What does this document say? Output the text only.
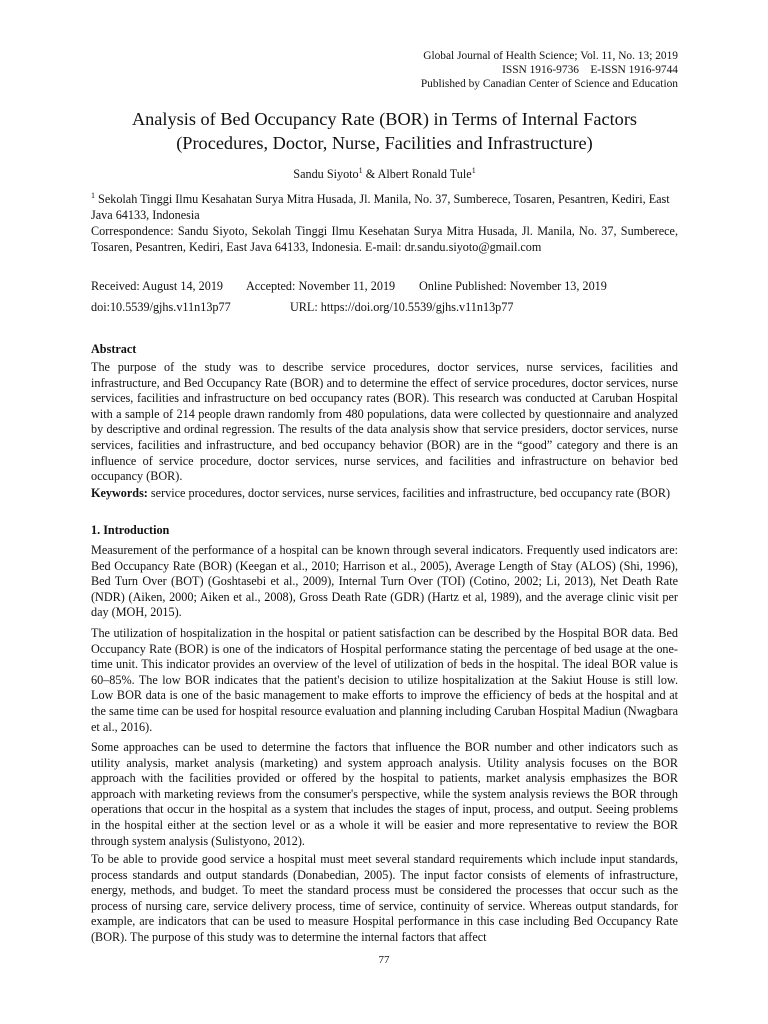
Global Journal of Health Science; Vol. 11, No. 13; 2019
ISSN 1916-9736    E-ISSN 1916-9744
Published by Canadian Center of Science and Education
Analysis of Bed Occupancy Rate (BOR) in Terms of Internal Factors
(Procedures, Doctor, Nurse, Facilities and Infrastructure)
Sandu Siyoto$^1$ & Albert Ronald Tule$^1$
$^1$ Sekolah Tinggi Ilmu Kesahatan Surya Mitra Husada, Jl. Manila, No. 37, Sumberece, Tosaren, Pesantren, Kediri, East Java 64133, Indonesia
Correspondence: Sandu Siyoto, Sekolah Tinggi Ilmu Kesehatan Surya Mitra Husada, Jl. Manila, No. 37, Sumberece, Tosaren, Pesantren, Kediri, East Java 64133, Indonesia. E-mail: dr.sandu.siyoto@gmail.com
Received: August 14, 2019 Accepted: November 11, 2019 Online Published: November 13, 2019
doi:10.5539/gjhs.v11n13p77	URL: https://doi.org/10.5539/gjhs.v11n13p77
Abstract
The purpose of the study was to describe service procedures, doctor services, nurse services, facilities and infrastructure, and Bed Occupancy Rate (BOR) and to determine the effect of service procedures, doctor services, nurse services, facilities and infrastructure on bed occupancy rates (BOR). This research was conducted at Caruban Hospital with a sample of 214 people drawn randomly from 480 populations, data were collected by questionnaire and analyzed by descriptive and ordinal regression. The results of the data analysis show that service presiders, doctor services, nurse services, facilities and infrastructure, and bed occupancy behavior (BOR) are in the “good” category and there is an influence of service procedure, doctor services, nurse services, and facilities and infrastructure on behavior bed occupancy (BOR).
Keywords: service procedures, doctor services, nurse services, facilities and infrastructure, bed occupancy rate (BOR)
1. Introduction
Measurement of the performance of a hospital can be known through several indicators. Frequently used indicators are: Bed Occupancy Rate (BOR) (Keegan et al., 2010; Harrison et al., 2005), Average Length of Stay (ALOS) (Shi, 1996), Bed Turn Over (BOT) (Goshtasebi et al., 2009), Internal Turn Over (TOI) (Cotino, 2002; Li, 2013), Net Death Rate (NDR) (Aiken, 2000; Aiken et al., 2008), Gross Death Rate (GDR) (Hartz et al, 1989), and the average clinic visit per day (MOH, 2015).
The utilization of hospitalization in the hospital or patient satisfaction can be described by the Hospital BOR data. Bed Occupancy Rate (BOR) is one of the indicators of Hospital performance stating the percentage of bed usage at the one-time unit. This indicator provides an overview of the level of utilization of beds in the hospital. The ideal BOR value is 60–85%. The low BOR indicates that the patient's decision to utilize hospitalization at the Sakiut House is still low. Low BOR data is one of the basic management to make efforts to improve the efficiency of beds at the hospital and at the same time can be used for hospital resource evaluation and planning including Caruban Hospital Madiun (Nwagbara et al., 2016).
Some approaches can be used to determine the factors that influence the BOR number and other indicators such as utility analysis, market analysis (marketing) and system approach analysis. Utility analysis focuses on the BOR approach with the facilities provided or offered by the hospital to patients, market analysis emphasizes the BOR approach with marketing reviews from the consumer's perspective, while the system analysis reviews the BOR through operations that occur in the hospital as a system that includes the stages of input, process, and output. Seeing problems in the hospital either at the section level or as a whole it will be easier and more representative to review the BOR through system analysis (Sulistyono, 2012).
To be able to provide good service a hospital must meet several standard requirements which include input standards, process standards and output standards (Donabedian, 2005). The input factor consists of elements of infrastructure, energy, methods, and budget. To meet the standard process must be considered the processes that occur such as the process of nursing care, service delivery process, time of service, continuity of service. Whereas output standards, for example, are indicators that can be used to measure Hospital performance in this case including Bed Occupancy Rate (BOR). The purpose of this study was to determine the internal factors that affect
77
